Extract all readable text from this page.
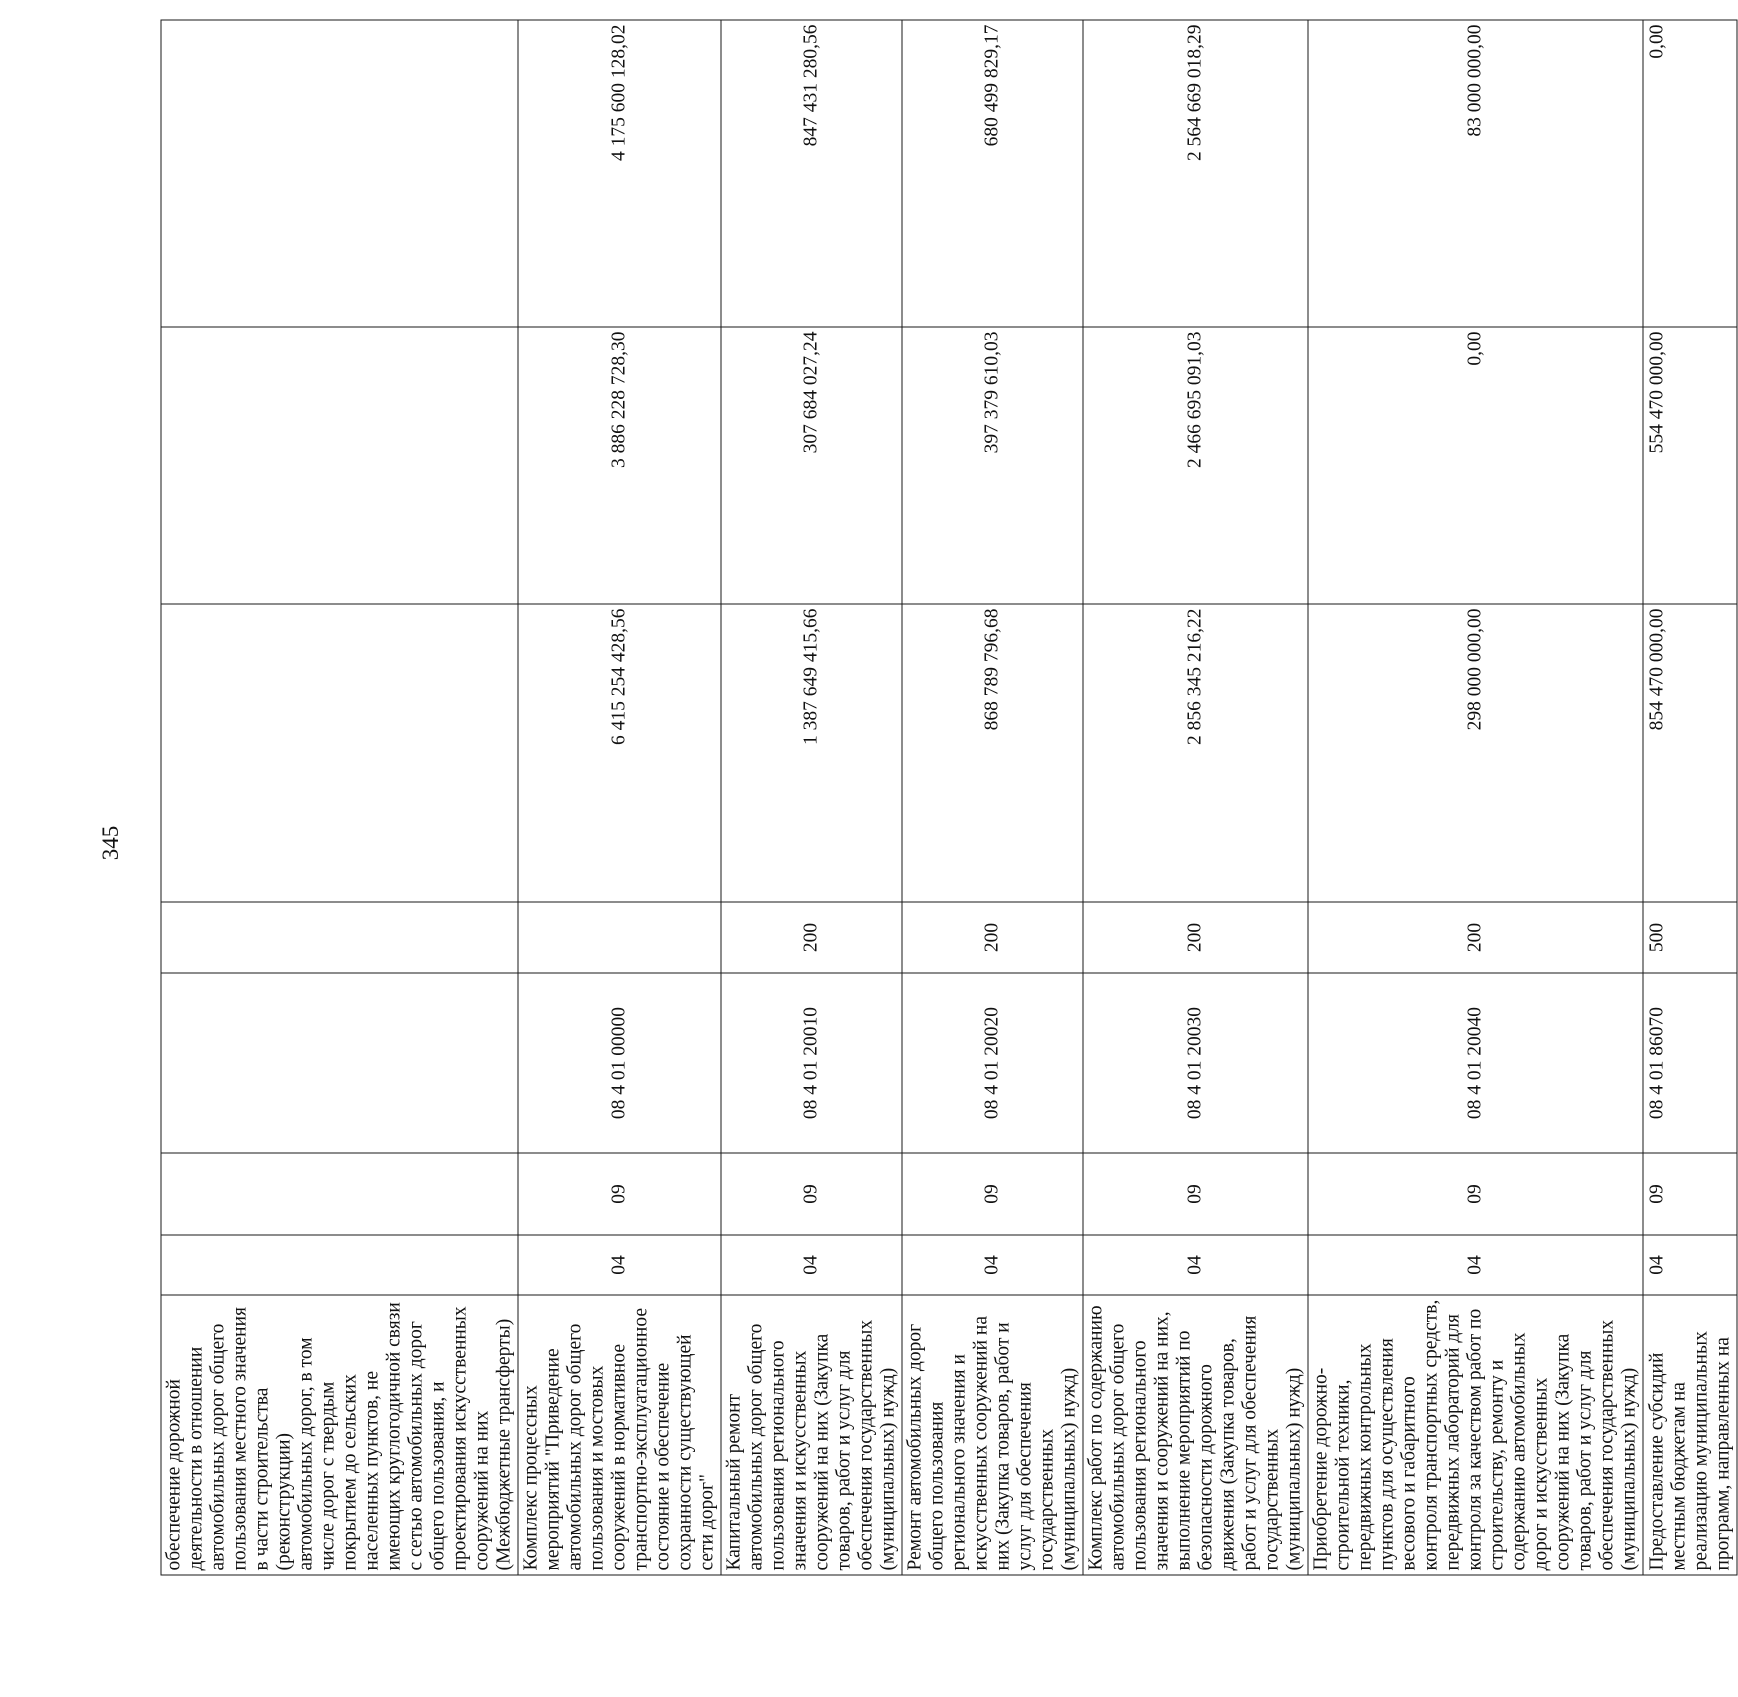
345
обеспечение дорожной деятельности в отношении автомобильных дорог общего пользования местного значения в части строительства (реконструкции) автомобильных дорог, в том числе дорог с твердым покрытием до сельских населенных пунктов, не имеющих круглогодичной связи с сетью автомобильных дорог общего пользования, и проектирования искусственных сооружений на них (Межбюджетные трансферты)							
Комплекс процессных мероприятий "Приведение автомобильных дорог общего пользования и мостовых сооружений в нормативное транспортно-эксплуатационное состояние и обеспечение сохранности существующей сети дорог"	04	09	08 4 01 00000		6 415 254 428,56	3 886 228 728,30	4 175 600 128,02
Капитальный ремонт автомобильных дорог общего пользования регионального значения и искусственных сооружений на них (Закупка товаров, работ и услуг для обеспечения государственных (муниципальных) нужд)	04	09	08 4 01 20010	200	1 387 649 415,66	307 684 027,24	847 431 280,56
Ремонт автомобильных дорог общего пользования регионального значения и искусственных сооружений на них (Закупка товаров, работ и услуг для обеспечения государственных (муниципальных) нужд)	04	09	08 4 01 20020	200	868 789 796,68	397 379 610,03	680 499 829,17
Комплекс работ по содержанию автомобильных дорог общего пользования регионального значения и сооружений на них, выполнение мероприятий по безопасности дорожного движения (Закупка товаров, работ и услуг для обеспечения государственных (муниципальных) нужд)	04	09	08 4 01 20030	200	2 856 345 216,22	2 466 695 091,03	2 564 669 018,29
Приобретение дорожно-строительной техники, передвижных контрольных пунктов для осуществления весового и габаритного контроля транспортных средств, передвижных лабораторий для контроля за качеством работ по строительству, ремонту и содержанию автомобильных дорог и искусственных сооружений на них (Закупка товаров, работ и услуг для обеспечения государственных (муниципальных) нужд)	04	09	08 4 01 20040	200	298 000 000,00	0,00	83 000 000,00
Предоставление субсидий местным бюджетам на реализацию муниципальных программ, направленных на	04	09	08 4 01 86070	500	854 470 000,00	554 470 000,00	0,00
